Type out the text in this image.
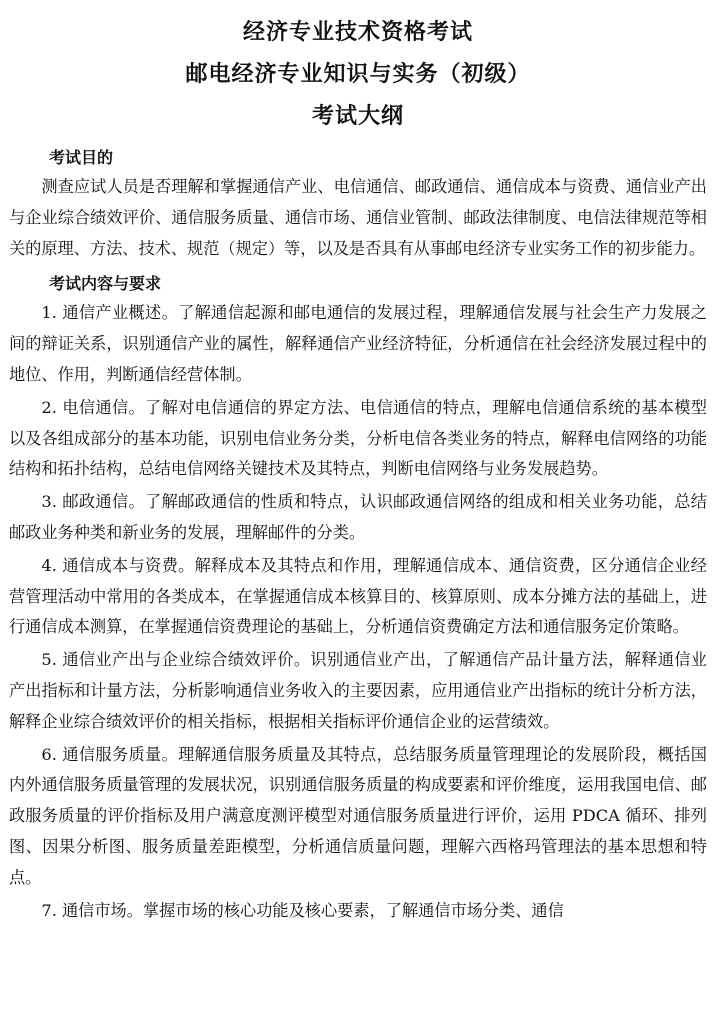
经济专业技术资格考试
邮电经济专业知识与实务（初级）
考试大纲
考试目的

测查应试人员是否理解和掌握通信产业、电信通信、邮政通信、通信成本与资费、通信业产出与企业综合绩效评价、通信服务质量、通信市场、通信业管制、邮政法律制度、电信法律规范等相关的原理、方法、技术、规范（规定）等，以及是否具有从事邮电经济专业实务工作的初步能力。

考试内容与要求

1. 通信产业概述。了解通信起源和邮电通信的发展过程，理解通信发展与社会生产力发展之间的辩证关系，识别通信产业的属性，解释通信产业经济特征，分析通信在社会经济发展过程中的地位、作用，判断通信经营体制。

2. 电信通信。了解对电信通信的界定方法、电信通信的特点，理解电信通信系统的基本模型以及各组成部分的基本功能，识别电信业务分类，分析电信各类业务的特点，解释电信网络的功能结构和拓扑结构，总结电信网络关键技术及其特点，判断电信网络与业务发展趋势。

3. 邮政通信。了解邮政通信的性质和特点，认识邮政通信网络的组成和相关业务功能，总结邮政业务种类和新业务的发展，理解邮件的分类。

4. 通信成本与资费。解释成本及其特点和作用，理解通信成本、通信资费，区分通信企业经营管理活动中常用的各类成本，在掌握通信成本核算目的、核算原则、成本分摊方法的基础上，进行通信成本测算，在掌握通信资费理论的基础上，分析通信资费确定方法和通信服务定价策略。

5. 通信业产出与企业综合绩效评价。识别通信业产出，了解通信产品计量方法，解释通信业产出指标和计量方法，分析影响通信业务收入的主要因素，应用通信业产出指标的统计分析方法，解释企业综合绩效评价的相关指标，根据相关指标评价通信企业的运营绩效。

6. 通信服务质量。理解通信服务质量及其特点，总结服务质量管理理论的发展阶段，概括国内外通信服务质量管理的发展状况，识别通信服务质量的构成要素和评价维度，运用我国电信、邮政服务质量的评价指标及用户满意度测评模型对通信服务质量进行评价，运用 PDCA 循环、排列图、因果分析图、服务质量差距模型，分析通信质量问题，理解六西格玛管理法的基本思想和特点。

7. 通信市场。掌握市场的核心功能及核心要素，了解通信市场分类、通信
